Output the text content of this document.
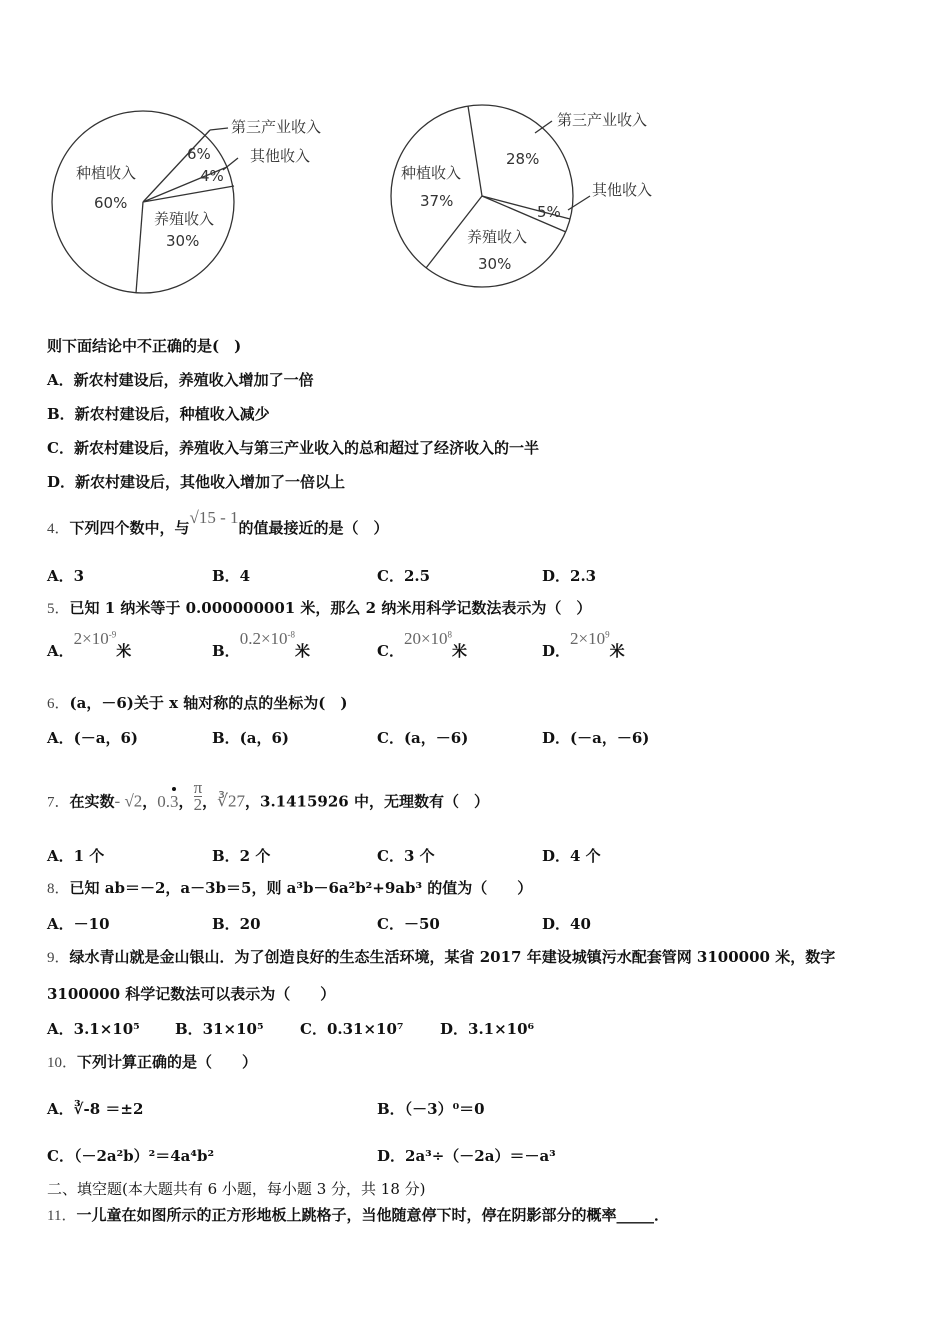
第三产业收入
6%	其他收入
4%
种植收入
60%
养殖收入
30%
第三产业收入
28%
其他收入
5%
种植收入
37%
养殖收入
30%
则下面结论中不正确的是(　)
A．新农村建设后，养殖收入增加了一倍
B．新农村建设后，种植收入减少
C．新农村建设后，养殖收入与第三产业收入的总和超过了经济收入的一半
D．新农村建设后，其他收入增加了一倍以上
4．下列四个数中，与√15 - 1的值最接近的是（　）
A．3	B．4	C．2.5	D．2.3
5．已知 1 纳米等于 0.000000001 米，那么 2 纳米用科学记数法表示为（　）
A．$2\times 10^{-9}$米	B．$0.2\times 10^{-8}$米	C．$20\times 10^8$米	D．$2\times 10^9$米
6．(a，－6)关于 x 轴对称的点的坐标为(　)
A．(－a，6)	B．(a，6)	C．(a，－6)	D．(－a，－6)
7．在实数- √2，0.3
， $\frac{\pi}{2}$ ，∛27，3.1415926 中，无理数有（　）
A．1 个	B．2 个	C．3 个	D．4 个
8．已知 ab＝－2，a－3b＝5，则 a³b－6a²b²+9ab³ 的值为（　　）
A．－10	B．20	C．－50	D．40
9．绿水青山就是金山银山．为了创造良好的生态生活环境，某省 2017 年建设城镇污水配套管网 3100000 米，数字
3100000 科学记数法可以表示为（　　）
A．3.1×10⁵ B．31×10⁵ C．0.31×10⁷ D．3.1×10⁶
10．下列计算正确的是（　　）
A．∛-8 ＝±2	B．（－3）⁰＝0
C．（－2a²b）²＝4a⁴b²	D．2a³÷（－2a）＝－a³
二、填空题(本大题共有 6 小题，每小题 3 分，共 18 分)
11．一儿童在如图所示的正方形地板上跳格子，当他随意停下时，停在阴影部分的概率_____．
